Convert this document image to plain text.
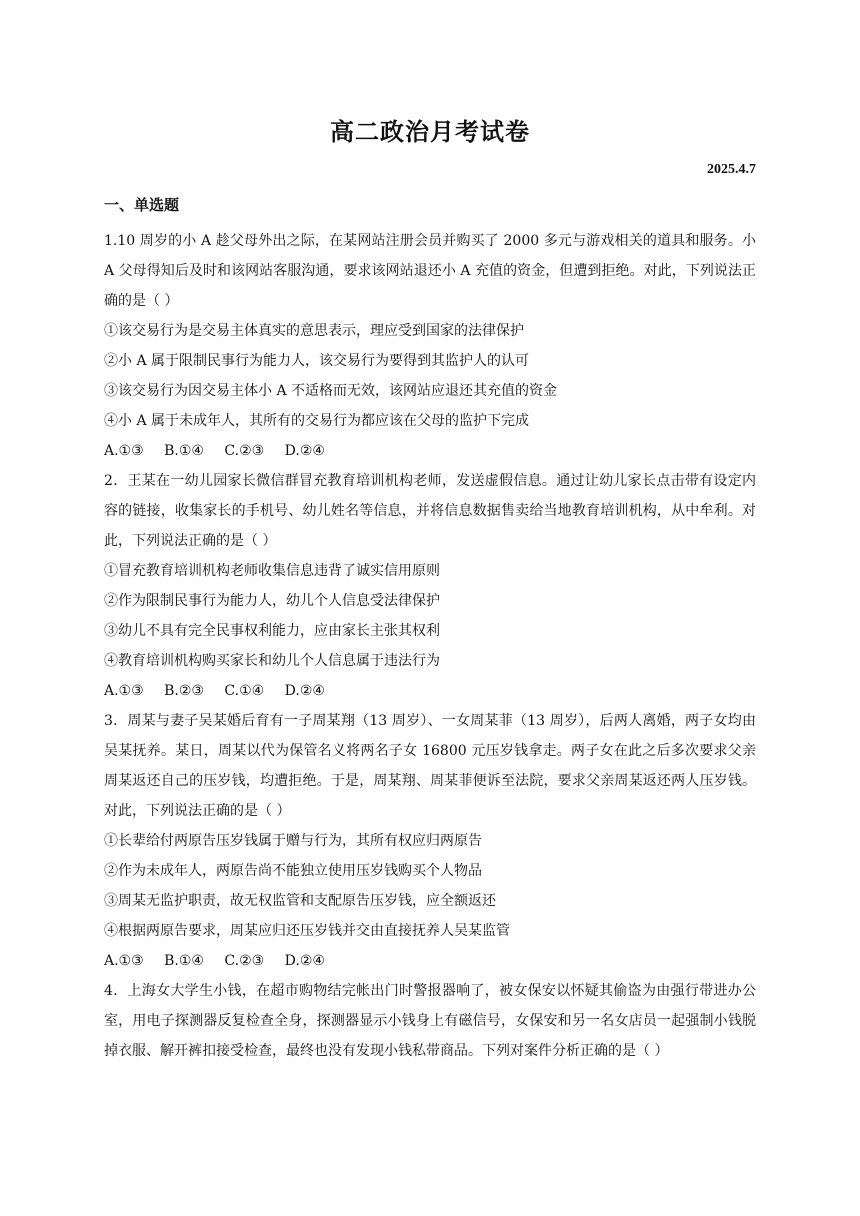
高二政治月考试卷
2025.4.7
一、单选题

1.10 周岁的小 A 趁父母外出之际，在某网站注册会员并购买了 2000 多元与游戏相关的道具和服务。小 A 父母得知后及时和该网站客服沟通，要求该网站退还小 A 充值的资金，但遭到拒绝。对此，下列说法正确的是（ ）

①该交易行为是交易主体真实的意思表示，理应受到国家的法律保护
②小 A 属于限制民事行为能力人，该交易行为要得到其监护人的认可
③该交易行为因交易主体小 A 不适格而无效，该网站应退还其充值的资金
④小 A 属于未成年人，其所有的交易行为都应该在父母的监护下完成
A.①③ B.①④ C.②③ D.②④

2．王某在一幼儿园家长微信群冒充教育培训机构老师，发送虚假信息。通过让幼儿家长点击带有设定内容的链接，收集家长的手机号、幼儿姓名等信息，并将信息数据售卖给当地教育培训机构，从中牟利。对此，下列说法正确的是（ ）

①冒充教育培训机构老师收集信息违背了诚实信用原则
②作为限制民事行为能力人，幼儿个人信息受法律保护
③幼儿不具有完全民事权利能力，应由家长主张其权利
④教育培训机构购买家长和幼儿个人信息属于违法行为
A.①③ B.②③ C.①④ D.②④

3．周某与妻子吴某婚后育有一子周某翔（13 周岁）、一女周某菲（13 周岁），后两人离婚，两子女均由吴某抚养。某日，周某以代为保管名义将两名子女 16800 元压岁钱拿走。两子女在此之后多次要求父亲周某返还自己的压岁钱，均遭拒绝。于是，周某翔、周某菲便诉至法院，要求父亲周某返还两人压岁钱。对此，下列说法正确的是（ ）

①长辈给付两原告压岁钱属于赠与行为，其所有权应归两原告
②作为未成年人，两原告尚不能独立使用压岁钱购买个人物品
③周某无监护职责，故无权监管和支配原告压岁钱，应全额返还
④根据两原告要求，周某应归还压岁钱并交由直接抚养人吴某监管
A.①③ B.①④ C.②③ D.②④

4．上海女大学生小钱，在超市购物结完帐出门时警报器响了，被女保安以怀疑其偷盗为由强行带进办公室，用电子探测器反复检查全身，探测器显示小钱身上有磁信号，女保安和另一名女店员一起强制小钱脱掉衣服、解开裤扣接受检查，最终也没有发现小钱私带商品。下列对案件分析正确的是（ ）
